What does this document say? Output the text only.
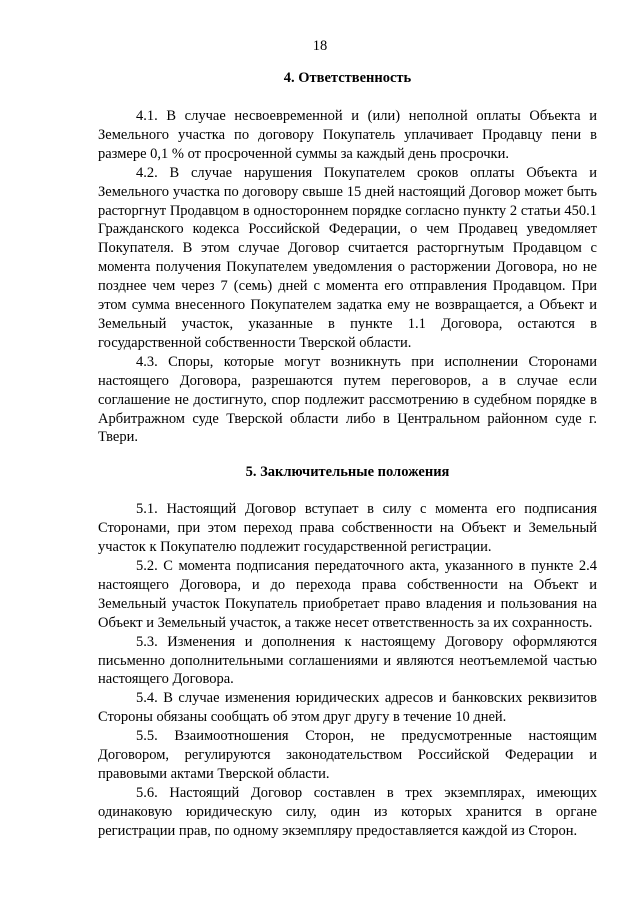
18
4. Ответственность

4.1. В случае несвоевременной и (или) неполной оплаты Объекта и Земельного участка по договору Покупатель уплачивает Продавцу пени в размере 0,1 % от просроченной суммы за каждый день просрочки.

4.2. В случае нарушения Покупателем сроков оплаты Объекта и Земельного участка по договору свыше 15 дней настоящий Договор может быть расторгнут Продавцом в одностороннем порядке согласно пункту 2 статьи 450.1 Гражданского кодекса Российской Федерации, о чем Продавец уведомляет Покупателя. В этом случае Договор считается расторгнутым Продавцом с момента получения Покупателем уведомления о расторжении Договора, но не позднее чем через 7 (семь) дней с момента его отправления Продавцом. При этом сумма внесенного Покупателем задатка ему не возвращается, а Объект и Земельный участок, указанные в пункте 1.1 Договора, остаются в государственной собственности Тверской области.

4.3. Споры, которые могут возникнуть при исполнении Сторонами настоящего Договора, разрешаются путем переговоров, а в случае если соглашение не достигнуто, спор подлежит рассмотрению в судебном порядке в Арбитражном суде Тверской области либо в Центральном районном суде г. Твери.

5. Заключительные положения

5.1. Настоящий Договор вступает в силу с момента его подписания Сторонами, при этом переход права собственности на Объект и Земельный участок к Покупателю подлежит государственной регистрации.

5.2. С момента подписания передаточного акта, указанного в пункте 2.4 настоящего Договора, и до перехода права собственности на Объект и Земельный участок Покупатель приобретает право владения и пользования на Объект и Земельный участок, а также несет ответственность за их сохранность.

5.3. Изменения и дополнения к настоящему Договору оформляются письменно дополнительными соглашениями и являются неотъемлемой частью настоящего Договора.

5.4. В случае изменения юридических адресов и банковских реквизитов Стороны обязаны сообщать об этом друг другу в течение 10 дней.

5.5. Взаимоотношения Сторон, не предусмотренные настоящим Договором, регулируются законодательством Российской Федерации и правовыми актами Тверской области.

5.6. Настоящий Договор составлен в трех экземплярах, имеющих одинаковую юридическую силу, один из которых хранится в органе регистрации прав, по одному экземпляру предоставляется каждой из Сторон.
